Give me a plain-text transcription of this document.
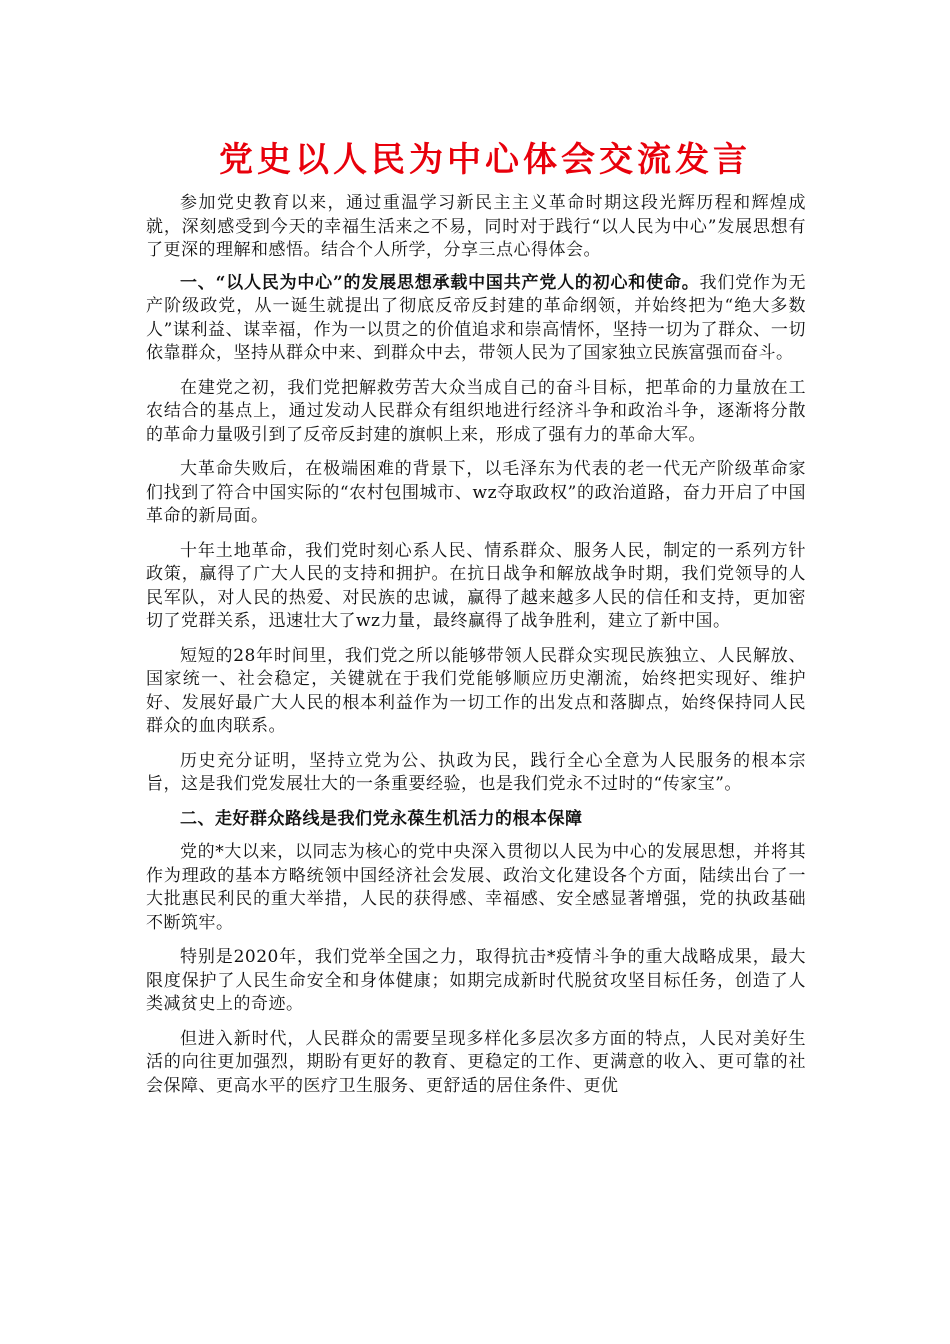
党史以人民为中心体会交流发言

参加党史教育以来，通过重温学习新民主主义革命时期这段光辉历程和辉煌成就，深刻感受到今天的幸福生活来之不易，同时对于践行“以人民为中心”发展思想有了更深的理解和感悟。结合个人所学，分享三点心得体会。

一、“以人民为中心”的发展思想承载中国共产党人的初心和使命。我们党作为无产阶级政党，从一诞生就提出了彻底反帝反封建的革命纲领，并始终把为“绝大多数人”谋利益、谋幸福，作为一以贯之的价值追求和崇高情怀，坚持一切为了群众、一切依靠群众，坚持从群众中来、到群众中去，带领人民为了国家独立民族富强而奋斗。

在建党之初，我们党把解救劳苦大众当成自己的奋斗目标，把革命的力量放在工农结合的基点上，通过发动人民群众有组织地进行经济斗争和政治斗争，逐渐将分散的革命力量吸引到了反帝反封建的旗帜上来，形成了强有力的革命大军。

大革命失败后，在极端困难的背景下，以毛泽东为代表的老一代无产阶级革命家们找到了符合中国实际的“农村包围城市、wz夺取政权”的政治道路，奋力开启了中国革命的新局面。

十年土地革命，我们党时刻心系人民、情系群众、服务人民，制定的一系列方针政策，赢得了广大人民的支持和拥护。在抗日战争和解放战争时期，我们党领导的人民军队，对人民的热爱、对民族的忠诚，赢得了越来越多人民的信任和支持，更加密切了党群关系，迅速壮大了wz力量，最终赢得了战争胜利，建立了新中国。

短短的28年时间里，我们党之所以能够带领人民群众实现民族独立、人民解放、国家统一、社会稳定，关键就在于我们党能够顺应历史潮流，始终把实现好、维护好、发展好最广大人民的根本利益作为一切工作的出发点和落脚点，始终保持同人民群众的血肉联系。

历史充分证明，坚持立党为公、执政为民，践行全心全意为人民服务的根本宗旨，这是我们党发展壮大的一条重要经验，也是我们党永不过时的“传家宝”。

二、走好群众路线是我们党永葆生机活力的根本保障

党的*大以来，以同志为核心的党中央深入贯彻以人民为中心的发展思想，并将其作为理政的基本方略统领中国经济社会发展、政治文化建设各个方面，陆续出台了一大批惠民利民的重大举措，人民的获得感、幸福感、安全感显著增强，党的执政基础不断筑牢。

特别是2020年，我们党举全国之力，取得抗击*疫情斗争的重大战略成果，最大限度保护了人民生命安全和身体健康；如期完成新时代脱贫攻坚目标任务，创造了人类减贫史上的奇迹。

但进入新时代，人民群众的需要呈现多样化多层次多方面的特点，人民对美好生活的向往更加强烈，期盼有更好的教育、更稳定的工作、更满意的收入、更可靠的社会保障、更高水平的医疗卫生服务、更舒适的居住条件、更优
